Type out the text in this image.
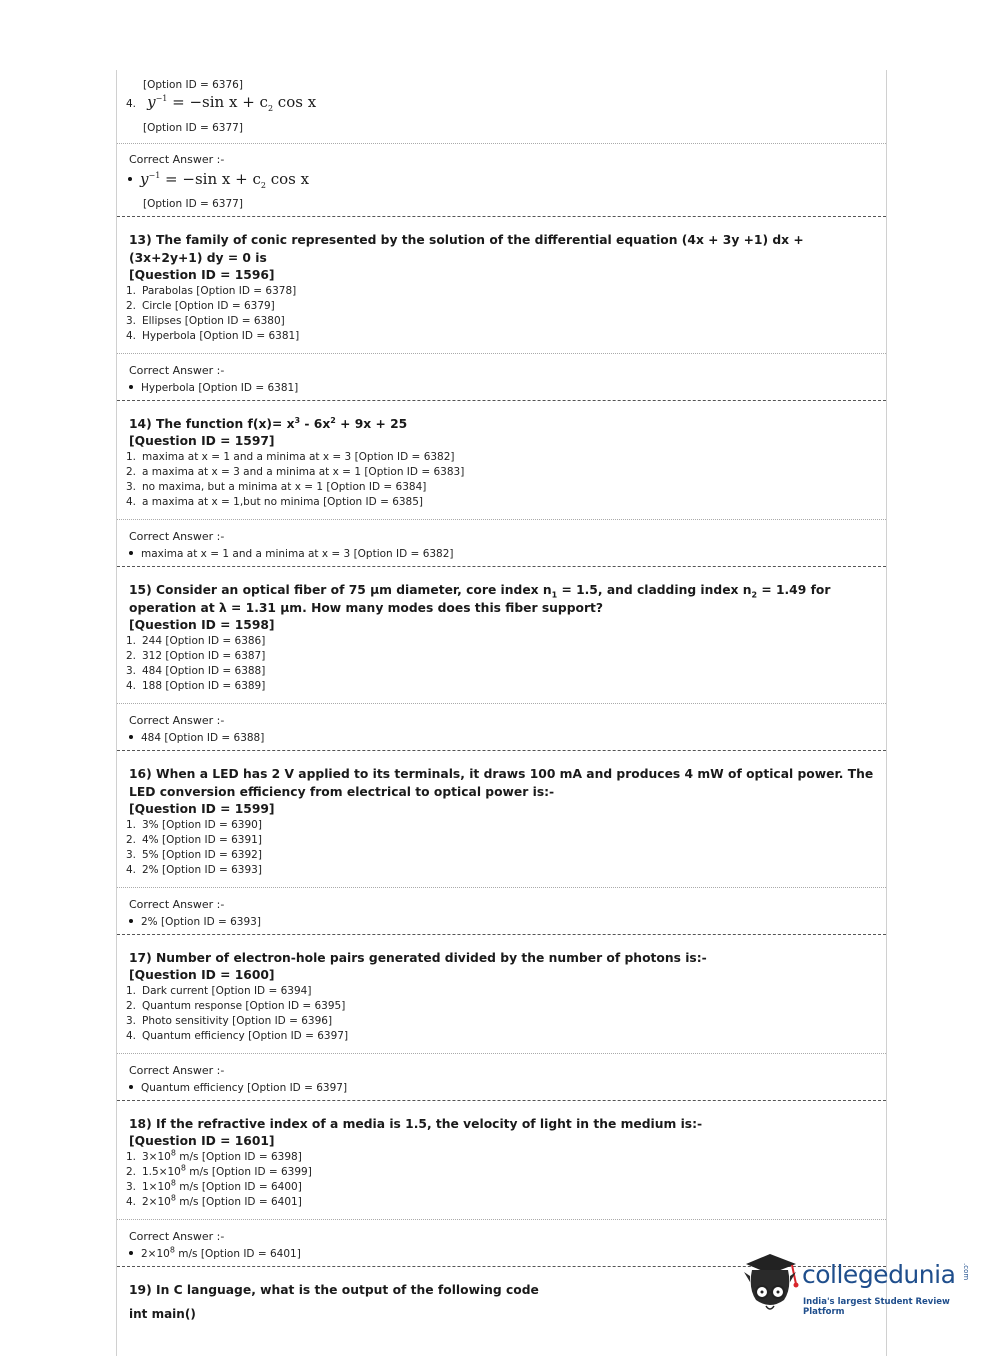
[Option ID = 6376]
4. $y^{-1} = -\sin$ $x + c_2$ cos x
[Option ID = 6377]
Correct Answer :-
$y^{-1} = -\sin$ $x + c_2$ cos x
[Option ID = 6377]
13) The family of conic represented by the solution of the differential equation (4x + 3y +1) dx + (3x+2y+1) dy = 0 is
[Question ID = 1596]
1. Parabolas [Option ID = 6378]
2. Circle [Option ID = 6379]
3. Ellipses [Option ID = 6380]
4. Hyperbola [Option ID = 6381]
Correct Answer :-
Hyperbola [Option ID = 6381]
14) The function $f(x)= x^3 - 6x^2 + 9x + 25$
[Question ID = 1597]
1. maxima at x = 1 and a minima at x = 3 [Option ID = 6382]
2. a maxima at x = 3 and a minima at x = 1 [Option ID = 6383]
3. no maxima, but a minima at x = 1 [Option ID = 6384]
4. a maxima at x = 1,but no minima [Option ID = 6385]
Correct Answer :-
maxima at x = 1 and a minima at x = 3 [Option ID = 6382]
15) Consider an optical fiber of 75 μm diameter, core index $n_1 = 1.5$, and cladding index $n_2 = 1.49$ for operation at λ = 1.31 μm. How many modes does this fiber support?
[Question ID = 1598]
1. 244 [Option ID = 6386]
2. 312 [Option ID = 6387]
3. 484 [Option ID = 6388]
4. 188 [Option ID = 6389]
Correct Answer :-
484 [Option ID = 6388]
16) When a LED has 2 V applied to its terminals, it draws 100 mA and produces 4 mW of optical power. The LED conversion efficiency from electrical to optical power is:-
[Question ID = 1599]
1. 3% [Option ID = 6390]
2. 4% [Option ID = 6391]
3. 5% [Option ID = 6392]
4. 2% [Option ID = 6393]
Correct Answer :-
2% [Option ID = 6393]
17) Number of electron-hole pairs generated divided by the number of photons is:-
[Question ID = 1600]
1. Dark current [Option ID = 6394]
2. Quantum response [Option ID = 6395]
3. Photo sensitivity [Option ID = 6396]
4. Quantum efficiency [Option ID = 6397]
Correct Answer :-
Quantum efficiency [Option ID = 6397]
18) If the refractive index of a media is 1.5, the velocity of light in the medium is:-
[Question ID = 1601]
1. $3\times 10^8$ m/s [Option ID = 6398]
2. $1.5\times 10^8$ m/s [Option ID = 6399]
3. $1\times 10^8$ m/s [Option ID = 6400]
4. $2\times 10^8$ m/s [Option ID = 6401]
Correct Answer :-
$2\times 10^8$ m/s [Option ID = 6401]
19) In C language, what is the output of the following code
int main()
collegedunia .com
India's largest Student Review Platform
